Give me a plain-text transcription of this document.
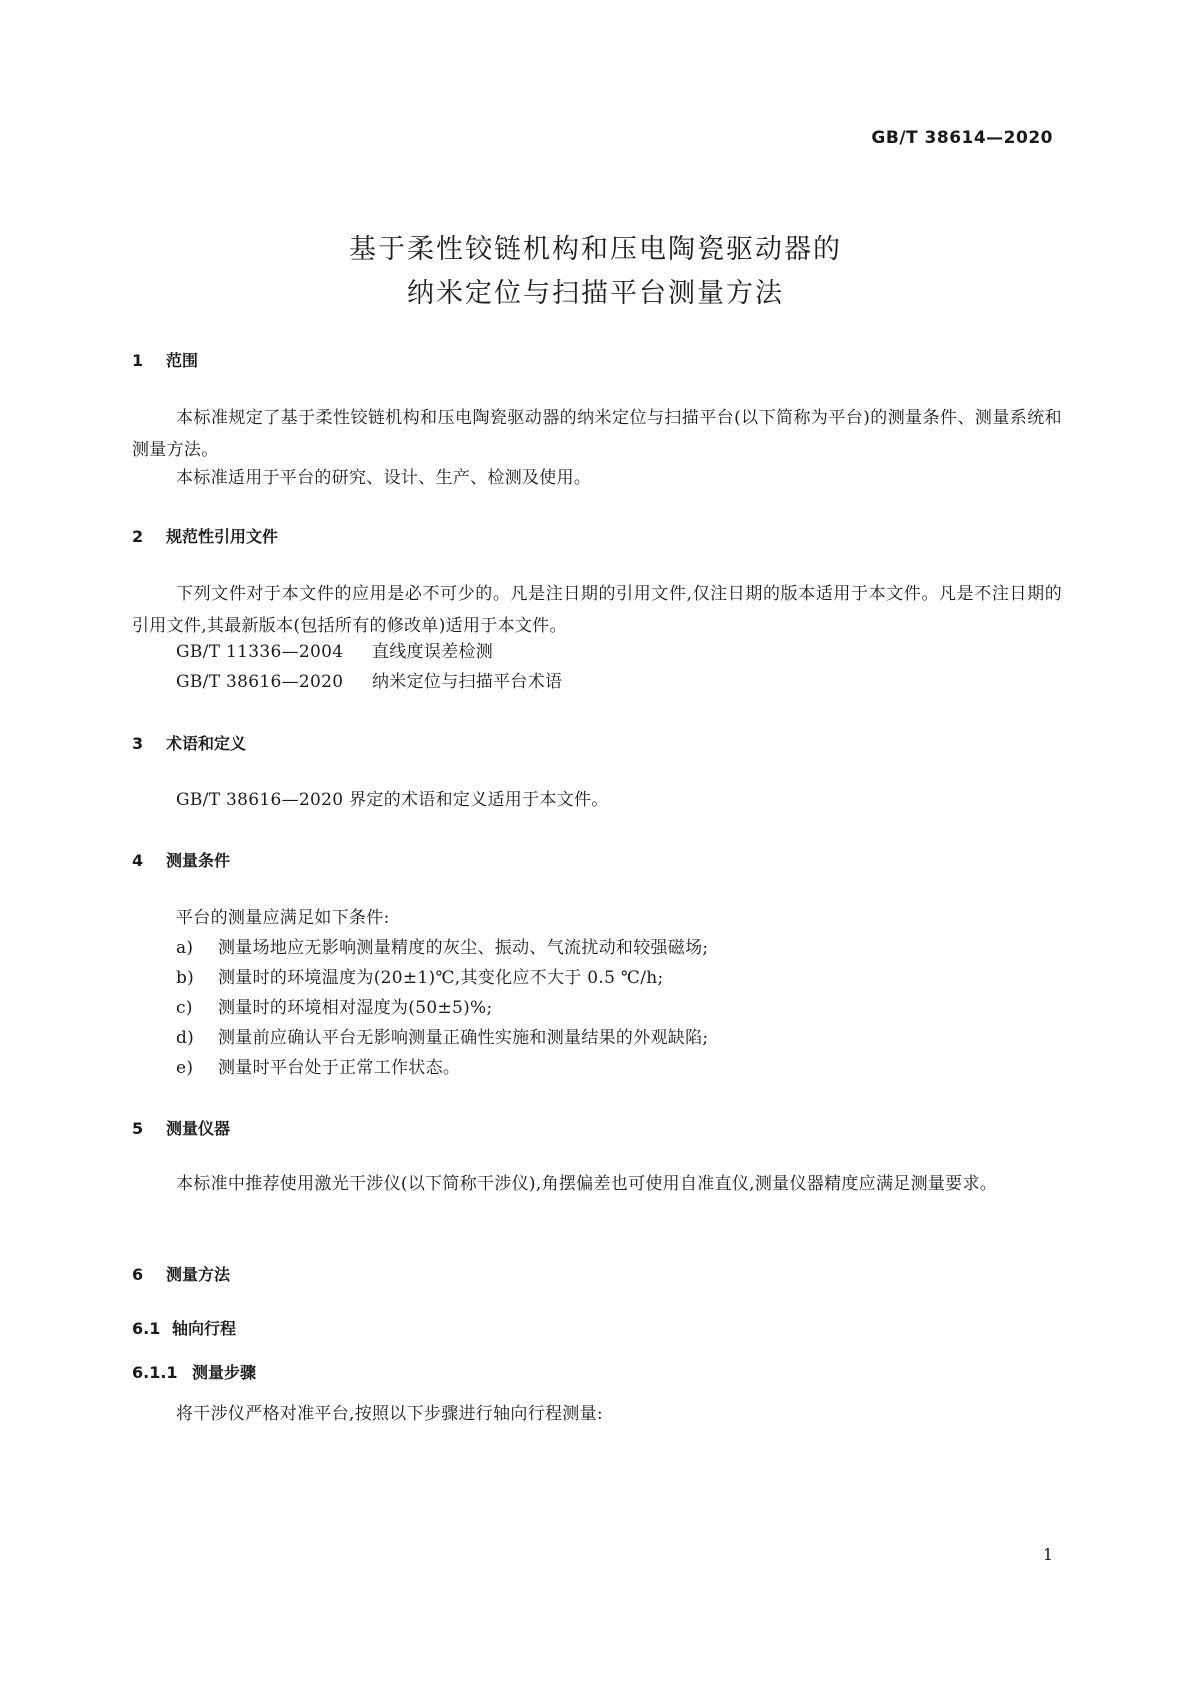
GB/T 38614—2020
基于柔性铰链机构和压电陶瓷驱动器的
纳米定位与扫描平台测量方法
1 范围
本标准规定了基于柔性铰链机构和压电陶瓷驱动器的纳米定位与扫描平台(以下简称为平台)的测量条件、测量系统和测量方法。
本标准适用于平台的研究、设计、生产、检测及使用。
2 规范性引用文件
下列文件对于本文件的应用是必不可少的。凡是注日期的引用文件,仅注日期的版本适用于本文件。凡是不注日期的引用文件,其最新版本(包括所有的修改单)适用于本文件。
GB/T 11336—2004 直线度误差检测
GB/T 38616—2020 纳米定位与扫描平台术语
3 术语和定义
GB/T 38616—2020 界定的术语和定义适用于本文件。
4 测量条件
平台的测量应满足如下条件:
a) 测量场地应无影响测量精度的灰尘、振动、气流扰动和较强磁场;
b) 测量时的环境温度为(20±1)℃,其变化应不大于 0.5 ℃/h;
c) 测量时的环境相对湿度为(50±5)%;
d) 测量前应确认平台无影响测量正确性实施和测量结果的外观缺陷;
e) 测量时平台处于正常工作状态。
5 测量仪器
本标准中推荐使用激光干涉仪(以下简称干涉仪),角摆偏差也可使用自准直仪,测量仪器精度应满足测量要求。
6 测量方法
6.1 轴向行程
6.1.1 测量步骤
将干涉仪严格对准平台,按照以下步骤进行轴向行程测量:
1
